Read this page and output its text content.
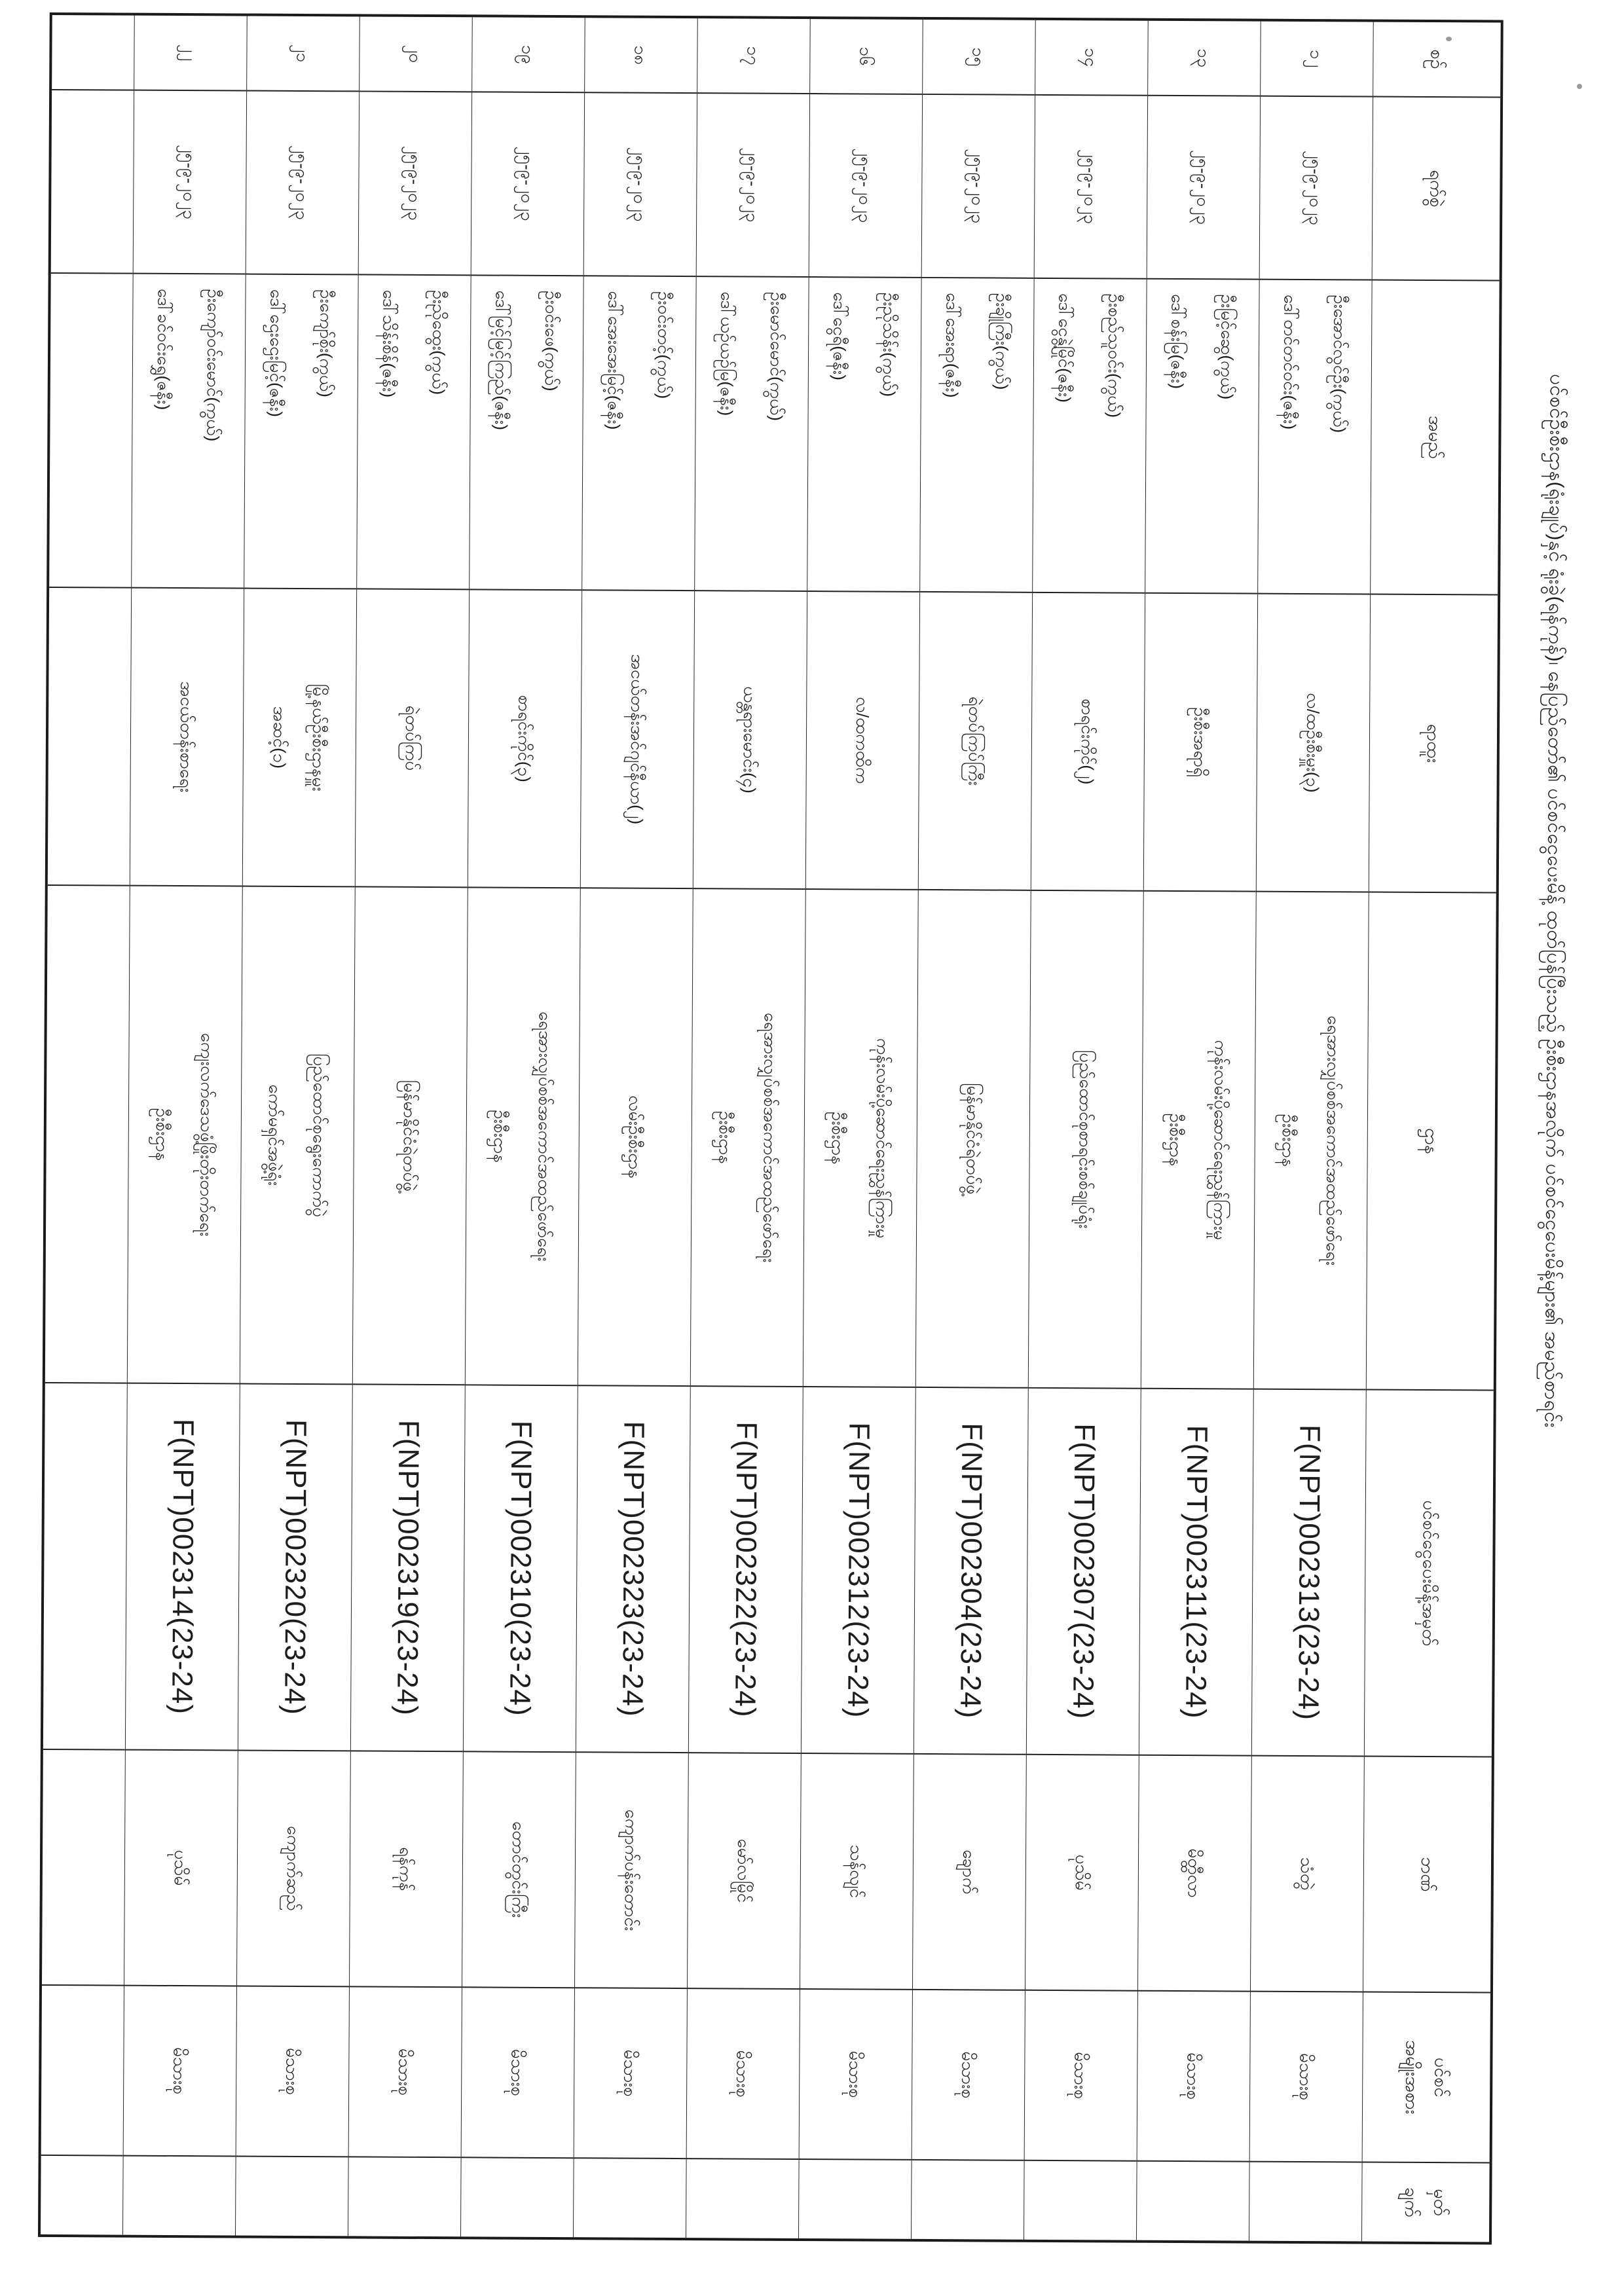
ပင်စင်ဦးစီးဌာန(ရုံးချုပ်)နှင့် ရုံးခွဲ(ရန်ကုန်)၊ နေပြည်တော်၏ ပင်စင်ငွေပေးမိန့် ထုတ်ပြန်ပြီးသည့် ဦးစီးဌာနအလိုက် ပင်စင်ငွေပေးမိန့်များ၏ အမည်စာရင်း
စဉ်
ရက်စွဲ
အမည်
ရာထူး
ဌာန
ပင်စင်ငွေပေးမိန့်အမှတ်
ဘဏ်
ပင်စင်
အမျိုးအစား
မှတ်
ချက်
၁၂
၂၅-၉-၂၀၂၃
ဦးအောင်လွင်ဦး(ကွယ်)
ဒေါ်တင်တင်ဝင်း(ဇနီး)
လ/ထဦးစီးမှူး(၃)
ရေအားလျှပ်စစ်အကောင်အထည်ဖော်ရေး
ဦးစီးဌာန
F(NPT)002313(23-24)
သံတွဲ
မိသားစု
၁၃
၂၅-၉-၂၀၂၃
ဦးမြင့်ဆွေ(ကွယ်)
ဒေါ်စန်းမြ(ဇနီး)
ဦးစီးအရာရှိ
ကုန်းလမ်းပို့ဆောင်ရေးညွှန်ကြားမှု
ဦးစီးဌာန
F(NPT)002311(23-24)
မိတ္ထီလာ
မိသားစု
၁၄
၂၅-၉-၂၀၂၃
ဦးစည်သူဝင်း(ကွယ်)
ဒေါ်ငွေနွဲ့မြိုင်(ဇနီး)
စာရင်းကိုင်(၂)
ပြည်ထောင်စုစာရင်းစစ်ချုပ်ရုံး
F(NPT)002307(23-24)
ပုသိမ်
မိသားစု
၁၅
၂၅-၉-၂၀၂၃
ဦးချိုကြီး(ကွယ်)
ဒေါ်အေးရာ(ဇနီး)
ရဲတပ်ကြပ်ကြီး
မြန်မာနိုင်ငံရဲတပ်ဖွဲ့
F(NPT)002304(23-24)
ချောက်
မိသားစု
၁၆
၂၅-၉-၂၀၂၃
ဦးညိုသိန်း(ကွယ်)
ဒေါ်ငွေရီ(ဇနီး)
လ/ထကထိက
ကုန်းလမ်းပို့ဆောင်ရေးညွှန်ကြားမှု
ဦးစီးဌာန
F(NPT)002312(23-24)
သန်လျင်
မိသားစု
၁၇
၂၅-၉-၂၀၂၃
ဦးမောင်မောင်(ကွယ်)
ဒေါ်ယဉ်ယဉ်မြ(ဇနီး)
ယန္တရားမောင်း(၄)
ရေအားလျှပ်စစ်အကောင်အထည်ဖော်ရေး
ဦးစီးဌာန
F(NPT)002322(23-24)
မော်လမြိုင်
မိသားစု
၁၈
၂၅-၉-၂၀၂၃
ဦးဝင်းတင့်(ကွယ်)
ဒေါ်အေးအေးမြင့်(ဇနီး)
အငယ်တန်းအင်ဂျင်နီယာ(၂)
လမ်းဦးစီးဌာန
F(NPT)002323(23-24)
ကျောက်ပန်းတောင်း
မိသားစု
၁၉
၂၅-၉-၂၀၂၃
ဦးဝင်းဖေ(ကွယ်)
ဒေါ်မြင့်မြင့်ကြည်(ဇနီး)
စာရင်းကိုင်(၃)
ရေအားလျှပ်စစ်အကောင်အထည်ဖော်ရေး
ဦးစီးဌာန
F(NPT)002310(23-24)
တောင်တွင်းကြီး
မိသားစု
၂၀
၂၅-၉-၂၀၂၃
ဦးညိုထွေး(ကွယ်)
ဒေါ်သိန်းစိန်(ဇနီး)
ရဲတပ်ကြပ်
မြန်မာနိုင်ငံရဲတပ်ဖွဲ့
F(NPT)002319(23-24)
ရန်ကုန်
မိသားစု
၂၁
၂၅-၉-၂၀၂၃
ဦးကျော်စိုး(ကွယ်)
ဒေါ်ဌေးဌေးမြင့်(ဇနီး)
မြို့နယ်ဦးစီးဌာနမှူး
အဆင့်(၁)
ပြည်ထောင်စုရွေးကောက်ပွဲ
ကော်မရှင်အဖွဲ့ရုံး
F(NPT)002320(23-24)
ကျောက်ဆည်
မိသားစု
၂၂
၂၅-၉-၂၀၂၃
ဦးကျော်ဝင်းမောင်(ကွယ်)
ဒေါ်ခင်ဝင်းရွှေ(ဇနီး)
အငယ်တန်းစာရေး
ကျေးလက်ဒေသဖွံ့ဖြိုးတိုးတက်ရေး
ဦးစီးဌာန
F(NPT)002314(23-24)
ပုသိမ်
မိသားစု
